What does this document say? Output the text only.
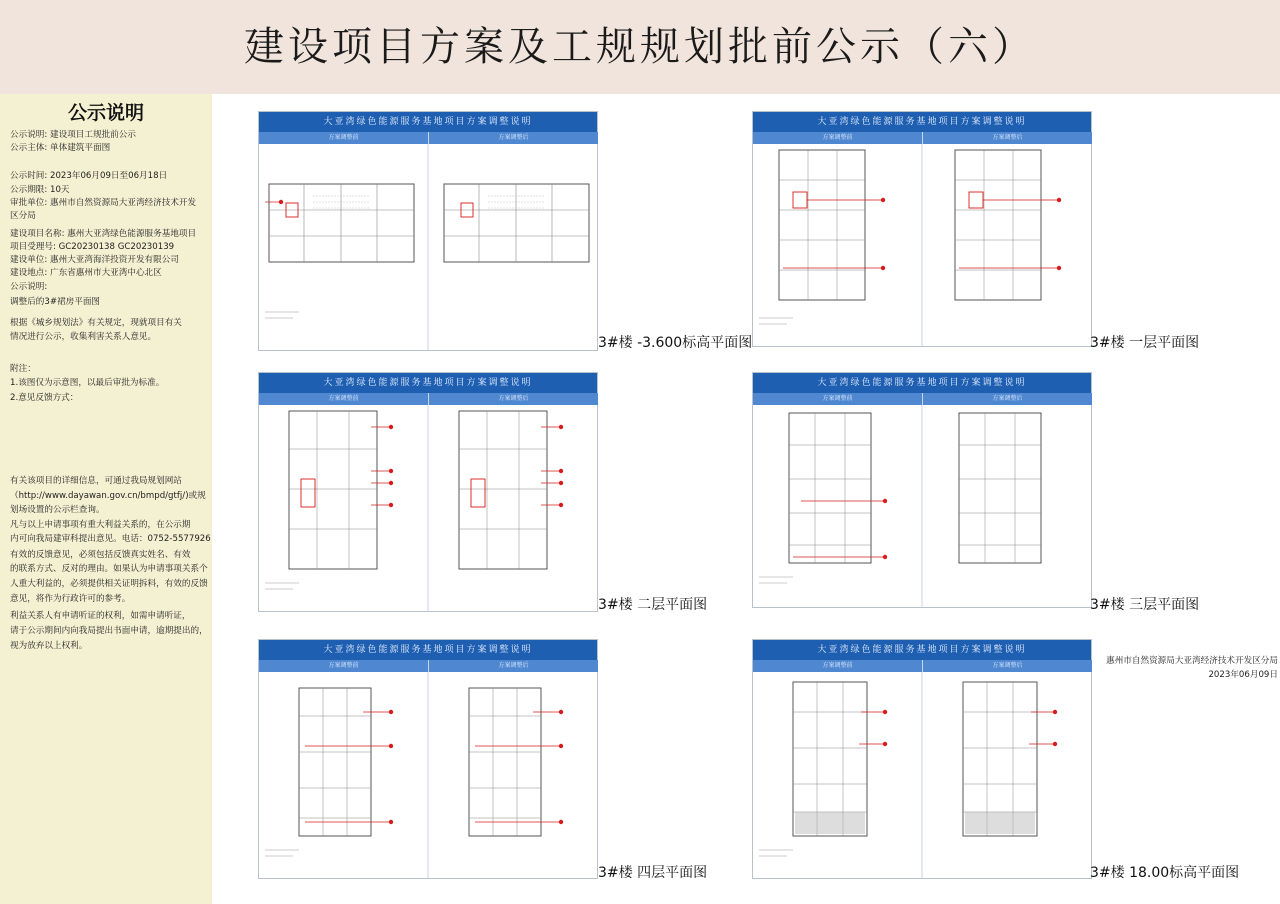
建设项目方案及工规规划批前公示（六）
公示说明
公示说明: 建设项目工规批前公示
公示主体: 单体建筑平面图
公示时间: 2023年06月09日至06月18日
公示期限: 10天
审批单位: 惠州市自然资源局大亚湾经济技术开发
区分局
建设项目名称: 惠州大亚湾绿色能源服务基地项目
项目受理号: GC20230138 GC20230139
建设单位: 惠州大亚湾海洋投资开发有限公司
建设地点: 广东省惠州市大亚湾中心北区
公示说明:
调整后的3#裙房平面图
根据《城乡规划法》有关规定，现就项目有关
情况进行公示，收集利害关系人意见。
附注：
1.该图仅为示意图，以最后审批为标准。
2.意见反馈方式：
有关该项目的详细信息，可通过我局规划网站
（http://www.dayawan.gov.cn/bmpd/gtfj/)或规
划场设置的公示栏查询。
凡与以上申请事项有重大利益关系的，在公示期
内可向我局建审科提出意见。电话：0752-5577926
有效的反馈意见，必须包括反馈真实姓名、有效
的联系方式、反对的理由。如果认为申请事项关系个
人重大利益的，必须提供相关证明拆料，有效的反馈
意见，将作为行政许可的参考。
利益关系人有申请听证的权利，如需申请听证，
请于公示期间内向我局提出书面申请，逾期提出的，
视为放弃以上权利。
惠州市自然资源局大亚湾经济技术开发区分局
2023年06月09日
大亚湾绿色能源服务基地项目方案调整说明
方案调整前	方案调整后
3#楼 -3.600标高平面图
大亚湾绿色能源服务基地项目方案调整说明
方案调整前	方案调整后
3#楼 一层平面图
大亚湾绿色能源服务基地项目方案调整说明
方案调整前	方案调整后
3#楼 二层平面图
大亚湾绿色能源服务基地项目方案调整说明
方案调整前	方案调整后
3#楼 三层平面图
大亚湾绿色能源服务基地项目方案调整说明
方案调整前	方案调整后
3#楼 四层平面图
大亚湾绿色能源服务基地项目方案调整说明
方案调整前	方案调整后
3#楼 18.00标高平面图
